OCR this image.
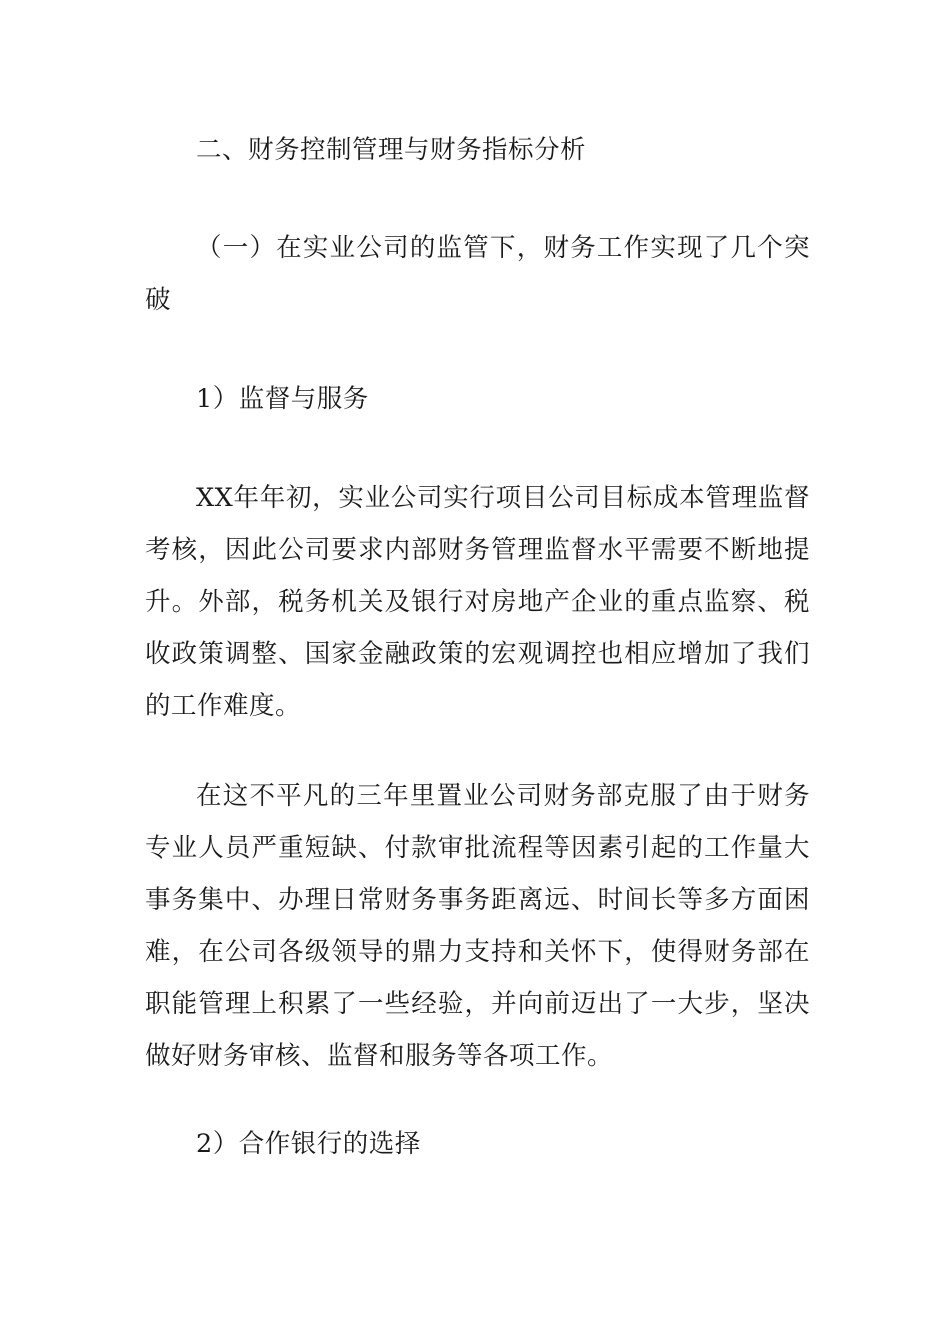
二、财务控制管理与财务指标分析

（一）在实业公司的监管下，财务工作实现了几个突破

1）监督与服务

XX年年初，实业公司实行项目公司目标成本管理监督考核，因此公司要求内部财务管理监督水平需要不断地提升。外部，税务机关及银行对房地产企业的重点监察、税收政策调整、国家金融政策的宏观调控也相应增加了我们的工作难度。

在这不平凡的三年里置业公司财务部克服了由于财务专业人员严重短缺、付款审批流程等因素引起的工作量大事务集中、办理日常财务事务距离远、时间长等多方面困难，在公司各级领导的鼎力支持和关怀下，使得财务部在职能管理上积累了一些经验，并向前迈出了一大步，坚决做好财务审核、监督和服务等各项工作。

2）合作银行的选择
